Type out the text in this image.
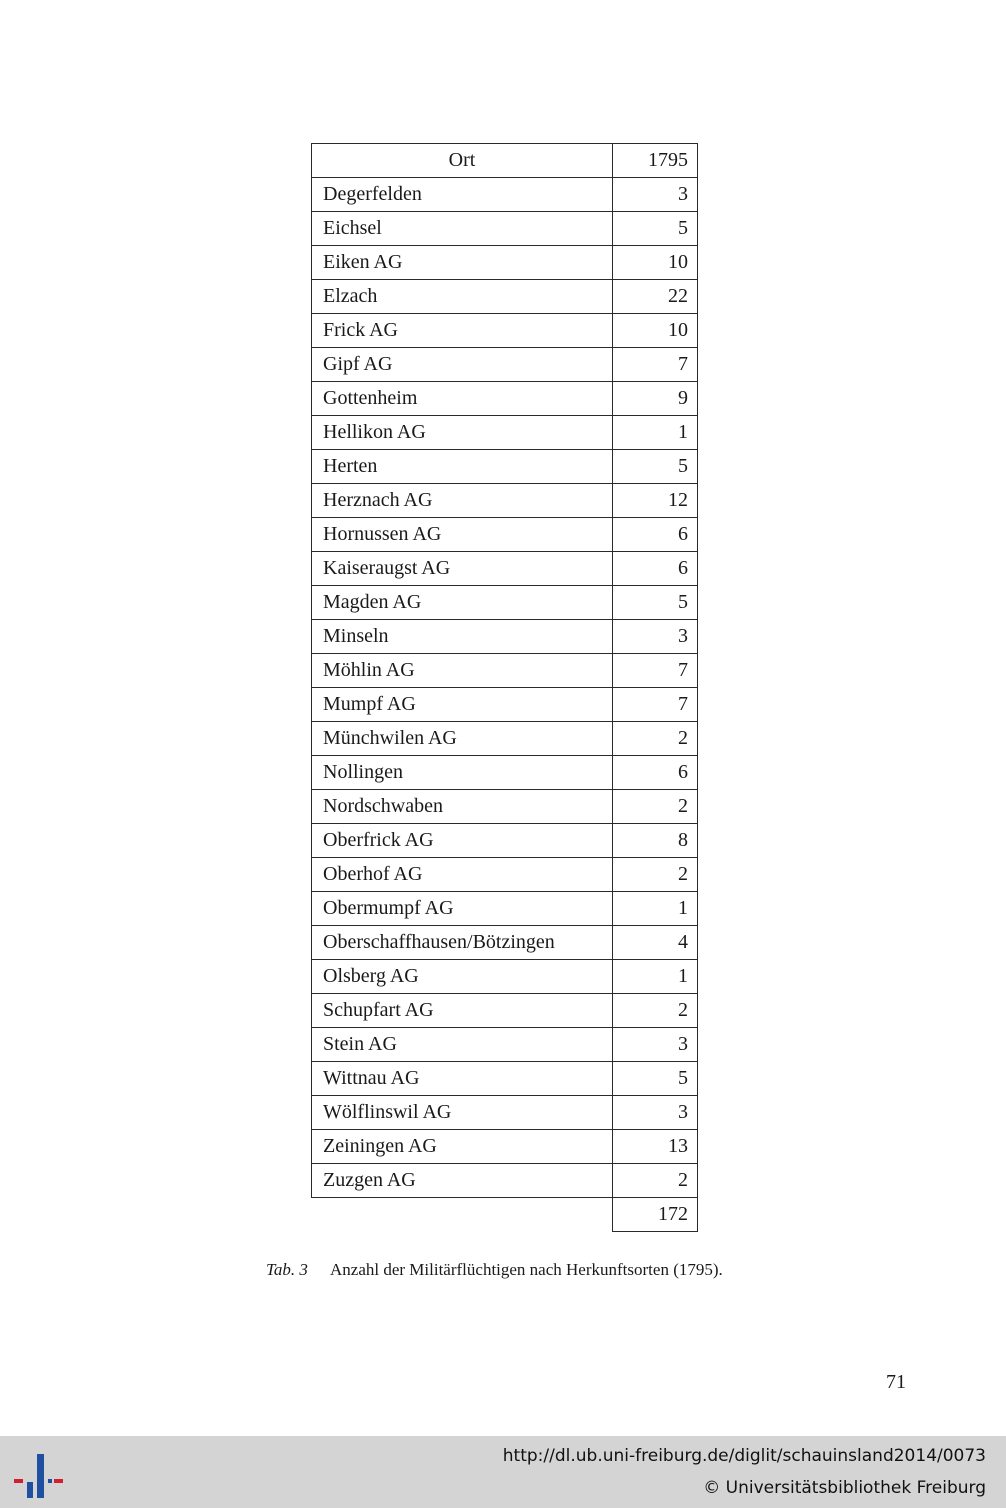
Ort	1795
Degerfelden	3
Eichsel	5
Eiken AG	10
Elzach	22
Frick AG	10
Gipf AG	7
Gottenheim	9
Hellikon AG	1
Herten	5
Herznach AG	12
Hornussen AG	6
Kaiseraugst AG	6
Magden AG	5
Minseln	3
Möhlin AG	7
Mumpf AG	7
Münchwilen AG	2
Nollingen	6
Nordschwaben	2
Oberfrick AG	8
Oberhof AG	2
Obermumpf AG	1
Oberschaffhausen/Bötzingen	4
Olsberg AG	1
Schupfart AG	2
Stein AG	3
Wittnau AG	5
Wölflinswil AG	3
Zeiningen AG	13
Zuzgen AG	2
	172
Tab. 3 Anzahl der Militärflüchtigen nach Herkunftsorten (1795).
71
http://dl.ub.uni-freiburg.de/diglit/schauinsland2014/0073
© Universitätsbibliothek Freiburg
